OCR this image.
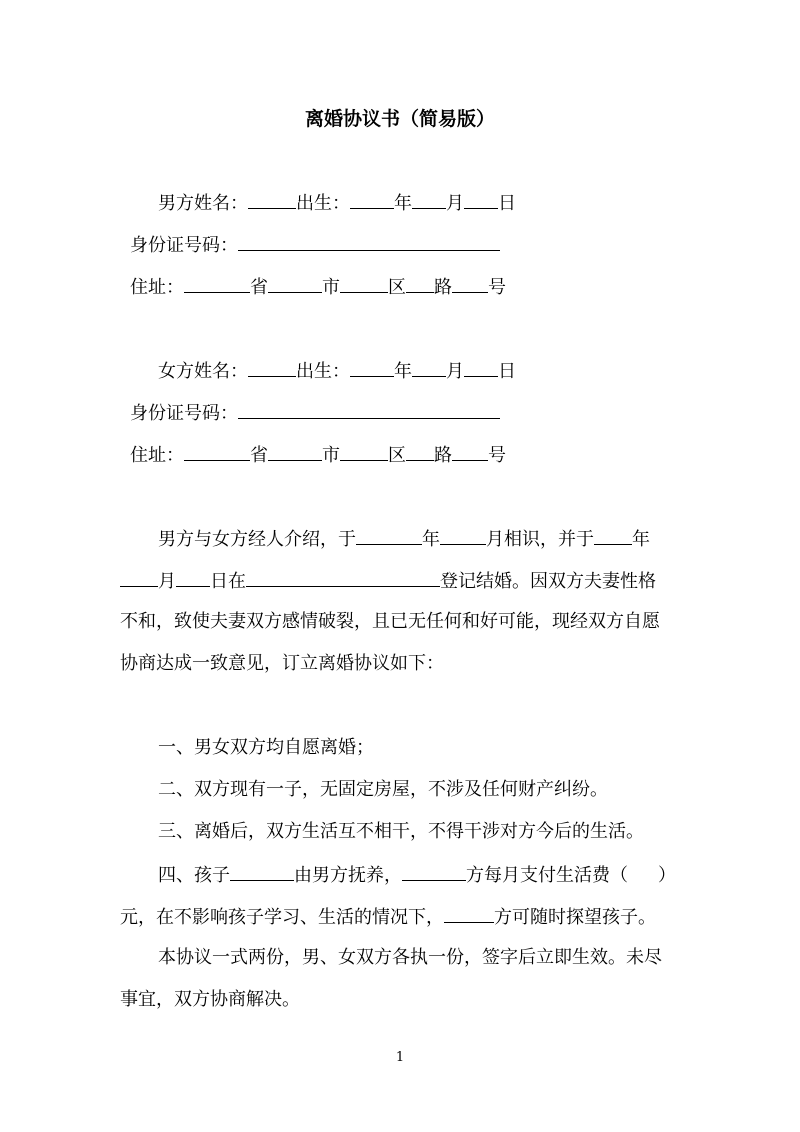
离婚协议书（简易版）
男方姓名：	出生： 年 月 日
身份证号码：
住址：	省	市	区 路 号
女方姓名：	出生： 年 月 日
身份证号码：
住址：	省	市	区 路 号
男方与女方经人介绍，于	年	月相识，并于 年
月 日在	登记结婚。因双方夫妻性格
不和，致使夫妻双方感情破裂，且已无任何和好可能，现经双方自愿
协商达成一致意见，订立离婚协议如下：
一、男女双方均自愿离婚；
二、双方现有一子，无固定房屋，不涉及任何财产纠纷。
三、离婚后，双方生活互不相干，不得干涉对方今后的生活。
四、孩子	由男方抚养，	方每月支付生活费（ ）
元，在不影响孩子学习、生活的情况下，	方可随时探望孩子。
本协议一式两份，男、女双方各执一份，签字后立即生效。未尽
事宜，双方协商解决。
1
